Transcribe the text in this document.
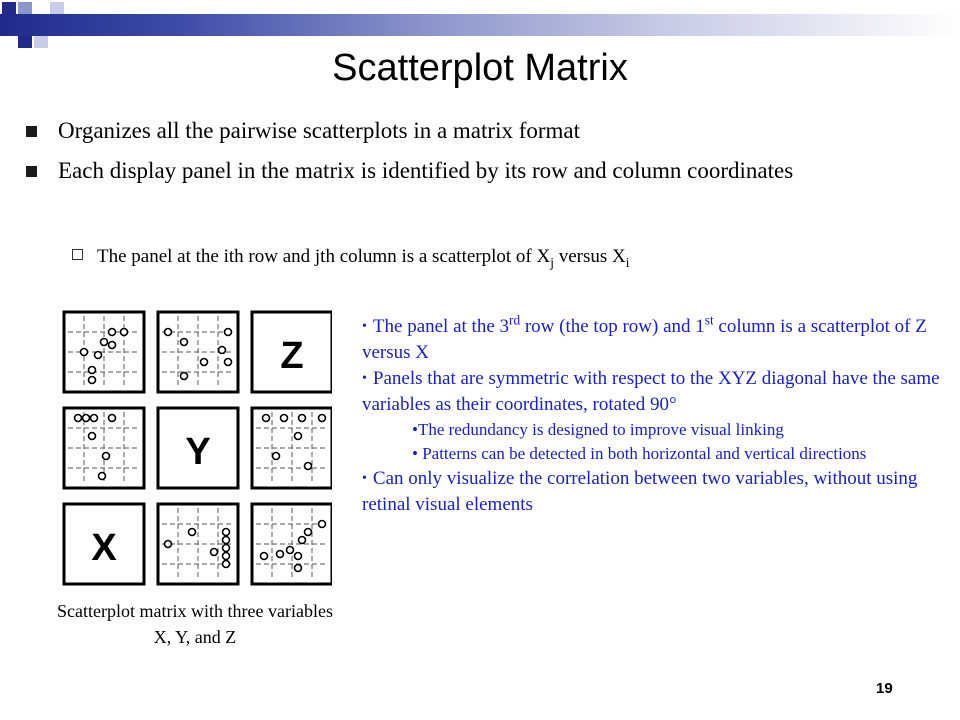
Scatterplot Matrix
Organizes all the pairwise scatterplots in a matrix format
Each display panel in the matrix is identified by its row and column coordinates
The panel at the ith row and jth column is a scatterplot of $X_j$ versus $X_i$
Z
Y
X
Scatterplot matrix with three variables X, Y, and Z

• The panel at the 3rd row (the top row) and 1st column is a scatterplot of Z versus X

• Panels that are symmetric with respect to the XYZ diagonal have the same variables as their coordinates, rotated 90°

•The redundancy is designed to improve visual linking

• Patterns can be detected in both horizontal and vertical directions

• Can only visualize the correlation between two variables, without using retinal visual elements

19
